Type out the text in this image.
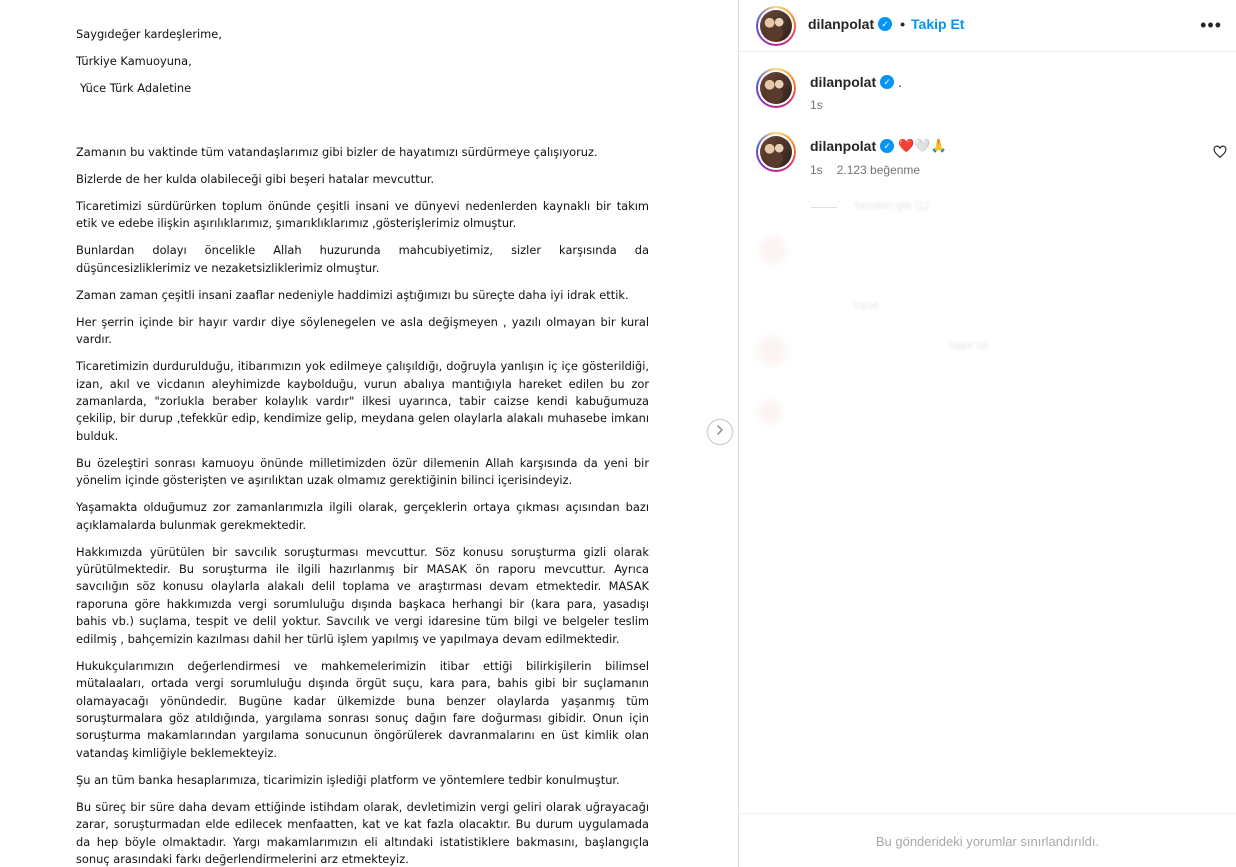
Saygıdeğer kardeşlerime,
Türkiye Kamuoyuna,
Yüce Türk Adaletine
Zamanın bu vaktinde tüm vatandaşlarımız gibi bizler de hayatımızı sürdürmeye çalışıyoruz.
Bizlerde de her kulda olabileceği gibi beşeri hatalar mevcuttur.
Ticaretimizi sürdürürken toplum önünde çeşitli insani ve dünyevi nedenlerden kaynaklı bir takım etik ve edebe ilişkin aşırılıklarımız, şımarıklıklarımız ,gösterişlerimiz olmuştur.
Bunlardan dolayı öncelikle Allah huzurunda mahcubiyetimiz, sizler karşısında da düşüncesizliklerimiz ve nezaketsizliklerimiz olmuştur.
Zaman zaman çeşitli insani zaaflar nedeniyle haddimizi aştığımızı bu süreçte daha iyi idrak ettik.
Her şerrin içinde bir hayır vardır diye söylenegelen ve asla değişmeyen , yazılı olmayan bir kural vardır.
Ticaretimizin durdurulduğu, itibarımızın yok edilmeye çalışıldığı, doğruyla yanlışın iç içe gösterildiği, izan, akıl ve vicdanın aleyhimizde kaybolduğu, vurun abalıya mantığıyla hareket edilen bu zor zamanlarda, "zorlukla beraber kolaylık vardır" ilkesi uyarınca, tabir caizse kendi kabuğumuza çekilip, bir durup ,tefekkür edip, kendimize gelip, meydana gelen olaylarla alakalı muhasebe imkanı bulduk.
Bu özeleştiri sonrası kamuoyu önünde milletimizden özür dilemenin Allah karşısında da yeni bir yönelim içinde gösterişten ve aşırılıktan uzak olmamız gerektiğinin bilinci içerisindeyiz.
Yaşamakta olduğumuz zor zamanlarımızla ilgili olarak, gerçeklerin ortaya çıkması açısından bazı açıklamalarda bulunmak gerekmektedir.
Hakkımızda yürütülen bir savcılık soruşturması mevcuttur. Söz konusu soruşturma gizli olarak yürütülmektedir. Bu soruşturma ile ilgili hazırlanmış bir MASAK ön raporu mevcuttur. Ayrıca savcılığın söz konusu olaylarla alakalı delil toplama ve araştırması devam etmektedir. MASAK raporuna göre hakkımızda vergi sorumluluğu dışında başkaca herhangi bir (kara para, yasadışı bahis vb.) suçlama, tespit ve delil yoktur. Savcılık ve vergi idaresine tüm bilgi ve belgeler teslim edilmiş , bahçemizin kazılması dahil her türlü işlem yapılmış ve yapılmaya devam edilmektedir.
Hukukçularımızın değerlendirmesi ve mahkemelerimizin itibar ettiği bilirkişilerin bilimsel mütalaaları, ortada vergi sorumluluğu dışında örgüt suçu, kara para, bahis gibi bir suçlamanın olamayacağı yönündedir. Bugüne kadar ülkemizde buna benzer olaylarda yaşanmış tüm soruşturmalara göz atıldığında, yargılama sonrası sonuç dağın fare doğurması gibidir. Onun için soruşturma makamlarından yargılama sonucunun öngörülerek davranmalarını en üst kimlik olan vatandaş kimliğiyle beklemekteyiz.
Şu an tüm banka hesaplarımıza, ticarimizin işlediği platform ve yöntemlere tedbir konulmuştur.
Bu süreç bir süre daha devam ettiğinde istihdam olarak, devletimizin vergi geliri olarak uğrayacağı zarar, soruşturmadan elde edilecek menfaatten, kat ve kat fazla olacaktır. Bu durum uygulamada da hep böyle olmaktadır. Yargı makamlarımızın eli altındaki istatistiklere bakmasını, başlangıçla sonuç arasındaki farkı değerlendirmelerini arz etmekteyiz.
dilanpolat ✓ • Takip Et	•••
dilanpolat ✓ .
1s
dilanpolat ✓ ❤️🤍🙏
1s 2.123 beğenme
Yanıtları gör (1)
Yanıt
hayır ve
Bu gönderideki yorumlar sınırlandırıldı.
